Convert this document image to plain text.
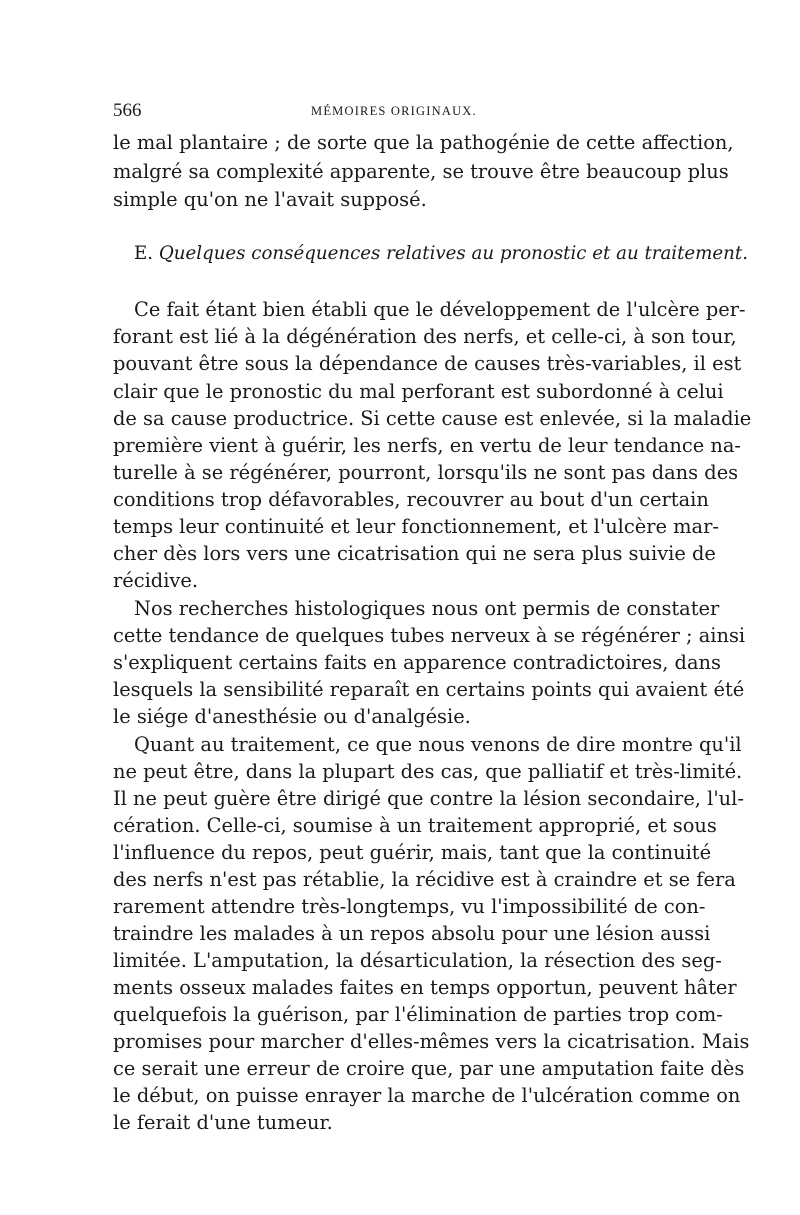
566	MÉMOIRES ORIGINAUX.
le mal plantaire ; de sorte que la pathogénie de cette affection,
malgré sa complexité apparente, se trouve être beaucoup plus
simple qu'on ne l'avait supposé.
E. Quelques conséquences relatives au pronostic et au traitement.
Ce fait étant bien établi que le développement de l'ulcère per-
forant est lié à la dégénération des nerfs, et celle-ci, à son tour,
pouvant être sous la dépendance de causes très-variables, il est
clair que le pronostic du mal perforant est subordonné à celui
de sa cause productrice. Si cette cause est enlevée, si la maladie
première vient à guérir, les nerfs, en vertu de leur tendance na-
turelle à se régénérer, pourront, lorsqu'ils ne sont pas dans des
conditions trop défavorables, recouvrer au bout d'un certain
temps leur continuité et leur fonctionnement, et l'ulcère mar-
cher dès lors vers une cicatrisation qui ne sera plus suivie de
récidive.
Nos recherches histologiques nous ont permis de constater
cette tendance de quelques tubes nerveux à se régénérer ; ainsi
s'expliquent certains faits en apparence contradictoires, dans
lesquels la sensibilité reparaît en certains points qui avaient été
le siége d'anesthésie ou d'analgésie.
Quant au traitement, ce que nous venons de dire montre qu'il
ne peut être, dans la plupart des cas, que palliatif et très-limité.
Il ne peut guère être dirigé que contre la lésion secondaire, l'ul-
cération. Celle-ci, soumise à un traitement approprié, et sous
l'influence du repos, peut guérir, mais, tant que la continuité
des nerfs n'est pas rétablie, la récidive est à craindre et se fera
rarement attendre très-longtemps, vu l'impossibilité de con-
traindre les malades à un repos absolu pour une lésion aussi
limitée. L'amputation, la désarticulation, la résection des seg-
ments osseux malades faites en temps opportun, peuvent hâter
quelquefois la guérison, par l'élimination de parties trop com-
promises pour marcher d'elles-mêmes vers la cicatrisation. Mais
ce serait une erreur de croire que, par une amputation faite dès
le début, on puisse enrayer la marche de l'ulcération comme on
le ferait d'une tumeur.
